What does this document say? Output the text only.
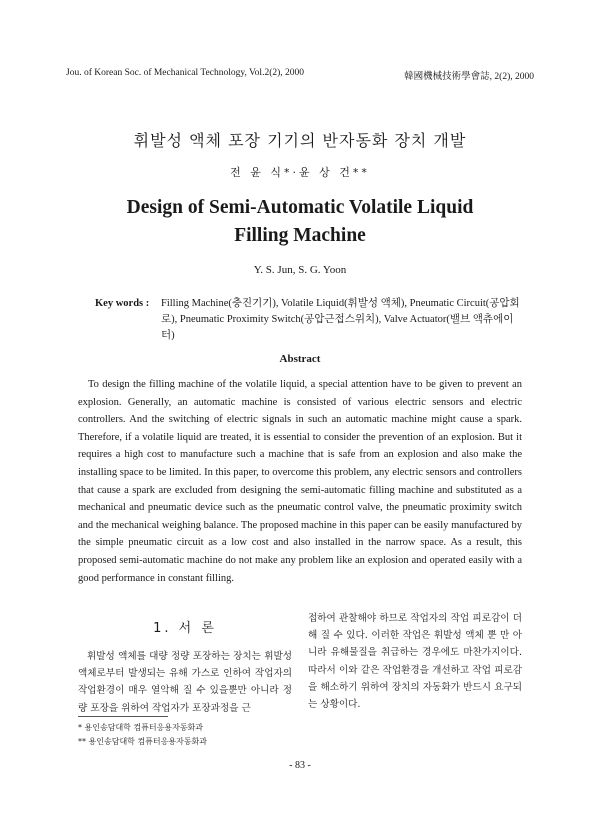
Jou. of Korean Soc. of Mechanical Technology, Vol.2(2), 2000	韓國機械技術學會誌, 2(2), 2000
휘발성 액체 포장 기기의 반자동화 장치 개발
전 윤 식*·윤 상 건**
Design of Semi-Automatic Volatile Liquid
Filling Machine
Y. S. Jun, S. G. Yoon
Key words :	Filling Machine(충진기기), Volatile Liquid(휘발성 액체), Pneumatic Circuit(공압회로), Pneumatic Proximity Switch(공압근접스위치), Valve Actuator(밸브 액츄에이터)
Abstract
To design the filling machine of the volatile liquid, a special attention have to be given to prevent an explosion. Generally, an automatic machine is consisted of various electric sensors and electric controllers. And the switching of electric signals in such an automatic machine might cause a spark. Therefore, if a volatile liquid are treated, it is essential to consider the prevention of an explosion. But it requires a high cost to manufacture such a machine that is safe from an explosion and also make the installing space to be limited. In this paper, to overcome this problem, any electric sensors and controllers that cause a spark are excluded from designing the semi-automatic filling machine and substituted as a mechanical and pneumatic device such as the pneumatic control valve, the pneumatic proximity switch and the mechanical weighing balance. The proposed machine in this paper can be easily manufactured by the simple pneumatic circuit as a low cost and also installed in the narrow space. As a result, this proposed semi-automatic machine do not make any problem like an explosion and operated easily with a good performance in constant filling.
1. 서 론
휘발성 액체를 대량 정량 포장하는 장치는 휘발성 액체로부터 발생되는 유해 가스로 인하여 작업자의 작업환경이 매우 열악해 질 수 있을뿐만 아니라 정량 포장을 위하여 작업자가 포장과정을 근
접하여 관찰해야 하므로 작업자의 작업 피로감이 더해 질 수 있다. 이러한 작업은 휘발성 액체 뿐 만 아니라 유해물질을 취급하는 경우에도 마찬가지이다. 따라서 이와 같은 작업환경을 개선하고 작업 피로감을 해소하기 위하여 장치의 자동화가 반드시 요구되는 상황이다.
* 용인송담대학 컴퓨터응용자동화과
** 용인송담대학 컴퓨터응용자동화과
- 83 -
